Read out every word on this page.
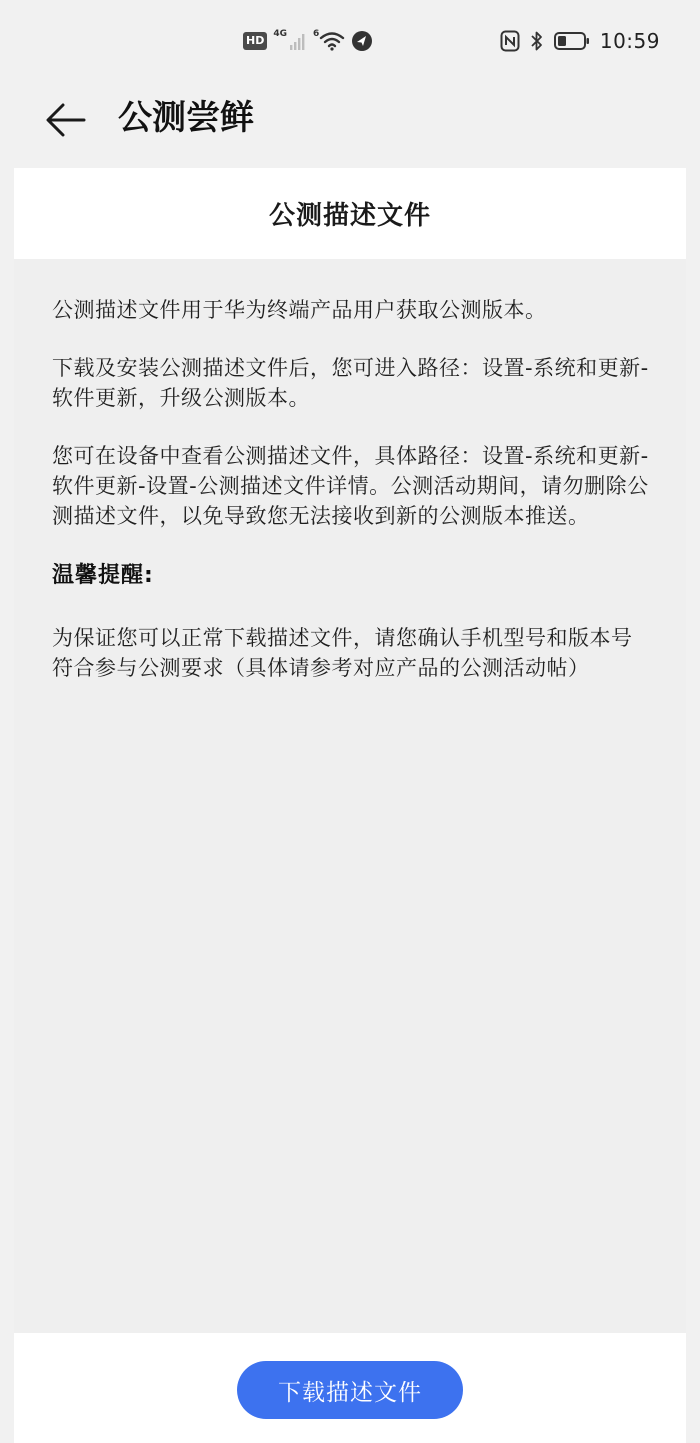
HD	4G	6	10:59
公测尝鲜
公测描述文件

公测描述文件用于华为终端产品用户获取公测版本。

下载及安装公测描述文件后，您可进入路径：设置-系统和更新-软件更新，升级公测版本。

您可在设备中查看公测描述文件，具体路径：设置-系统和更新-软件更新-设置-公测描述文件详情。公测活动期间，请勿删除公测描述文件，以免导致您无法接收到新的公测版本推送。

温馨提醒:

为保证您可以正常下载描述文件，请您确认手机型号和版本号符合参与公测要求（具体请参考对应产品的公测活动帖）

下载描述文件
